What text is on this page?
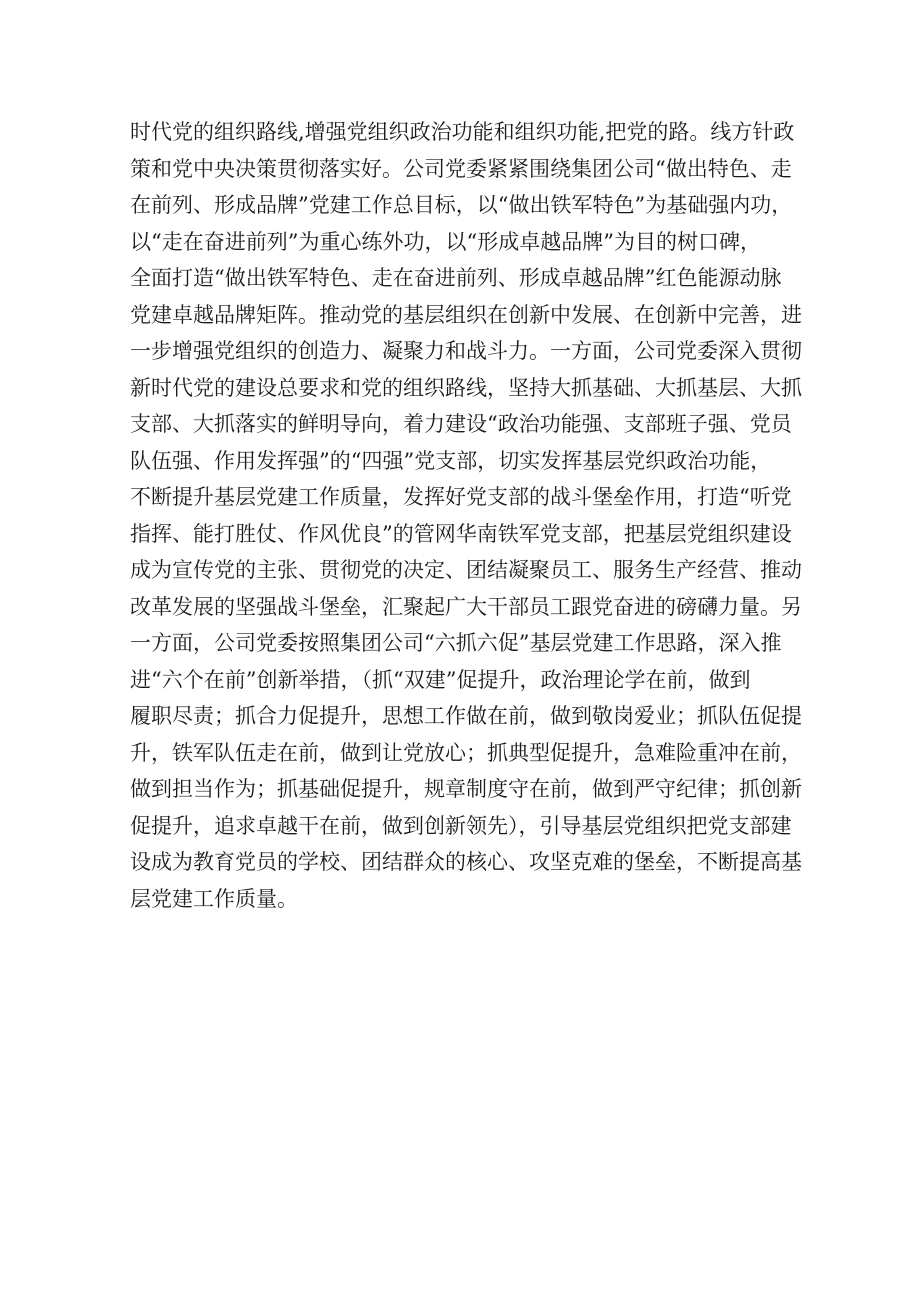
时代党的组织路线,增强党组织政治功能和组织功能,把党的路。线方针政
策和党中央决策贯彻落实好。公司党委紧紧围绕集团公司“做出特色、走
在前列、形成品牌”党建工作总目标，以“做出铁军特色”为基础强内功，
以“走在奋进前列”为重心练外功，以“形成卓越品牌”为目的树口碑，
全面打造“做出铁军特色、走在奋进前列、形成卓越品牌”红色能源动脉
党建卓越品牌矩阵。推动党的基层组织在创新中发展、在创新中完善，进
一步增强党组织的创造力、凝聚力和战斗力。一方面，公司党委深入贯彻
新时代党的建设总要求和党的组织路线，坚持大抓基础、大抓基层、大抓
支部、大抓落实的鲜明导向，着力建设“政治功能强、支部班子强、党员
队伍强、作用发挥强”的“四强”党支部，切实发挥基层党织政治功能，
不断提升基层党建工作质量，发挥好党支部的战斗堡垒作用，打造“听党
指挥、能打胜仗、作风优良”的管网华南铁军党支部，把基层党组织建设
成为宣传党的主张、贯彻党的决定、团结凝聚员工、服务生产经营、推动
改革发展的坚强战斗堡垒，汇聚起广大干部员工跟党奋进的磅礴力量。另
一方面，公司党委按照集团公司“六抓六促”基层党建工作思路，深入推
进“六个在前”创新举措，（抓“双建”促提升，政治理论学在前，做到
履职尽责；抓合力促提升，思想工作做在前，做到敬岗爱业；抓队伍促提
升，铁军队伍走在前，做到让党放心；抓典型促提升，急难险重冲在前，
做到担当作为；抓基础促提升，规章制度守在前，做到严守纪律；抓创新
促提升，追求卓越干在前，做到创新领先），引导基层党组织把党支部建
设成为教育党员的学校、团结群众的核心、攻坚克难的堡垒，不断提高基
层党建工作质量。
